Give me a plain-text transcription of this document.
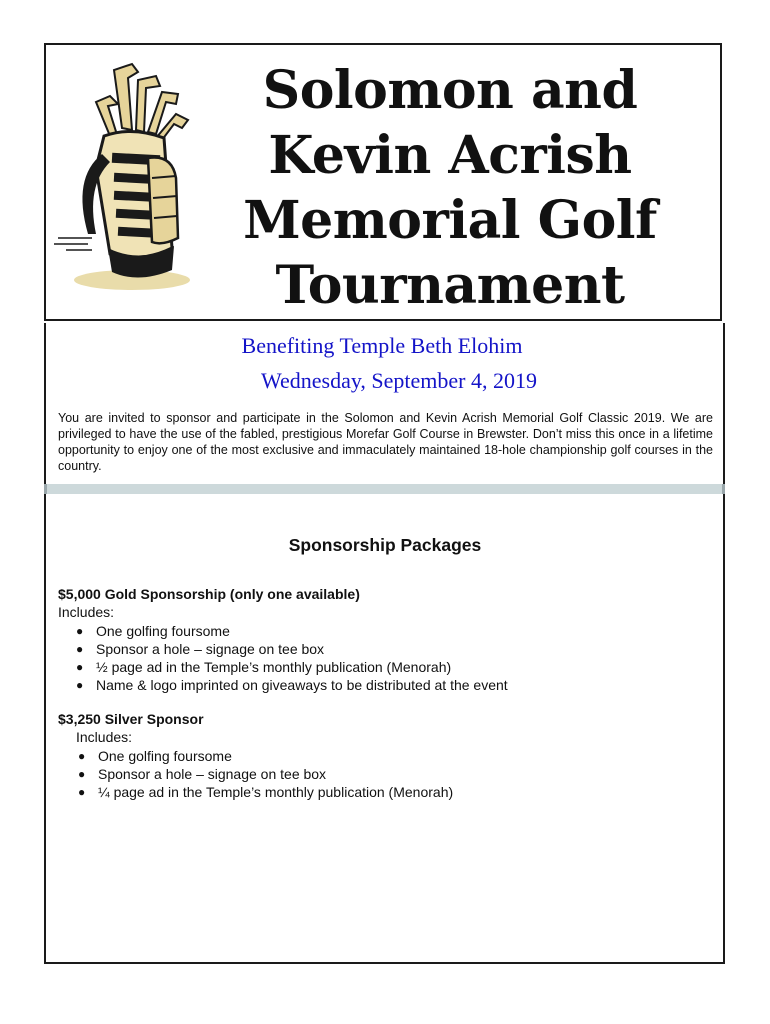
Solomon and
Kevin Acrish
Memorial Golf
Tournament

Benefiting Temple Beth Elohim

Wednesday, September 4, 2019

You are invited to sponsor and participate in the Solomon and Kevin Acrish Memorial Golf Classic 2019. We are privileged to have the use of the fabled, prestigious Morefar Golf Course in Brewster. Don’t miss this once in a lifetime opportunity to enjoy one of the most exclusive and immaculately maintained 18-hole championship golf courses in the country.

Sponsorship Packages

$5,000 Gold Sponsorship (only one available)

Includes:

● One golfing foursome
● Sponsor a hole – signage on tee box
● ½ page ad in the Temple’s monthly publication (Menorah)
● Name & logo imprinted on giveaways to be distributed at the event

$3,250 Silver Sponsor

Includes:

● One golfing foursome
● Sponsor a hole – signage on tee box
● ¼ page ad in the Temple’s monthly publication (Menorah)
